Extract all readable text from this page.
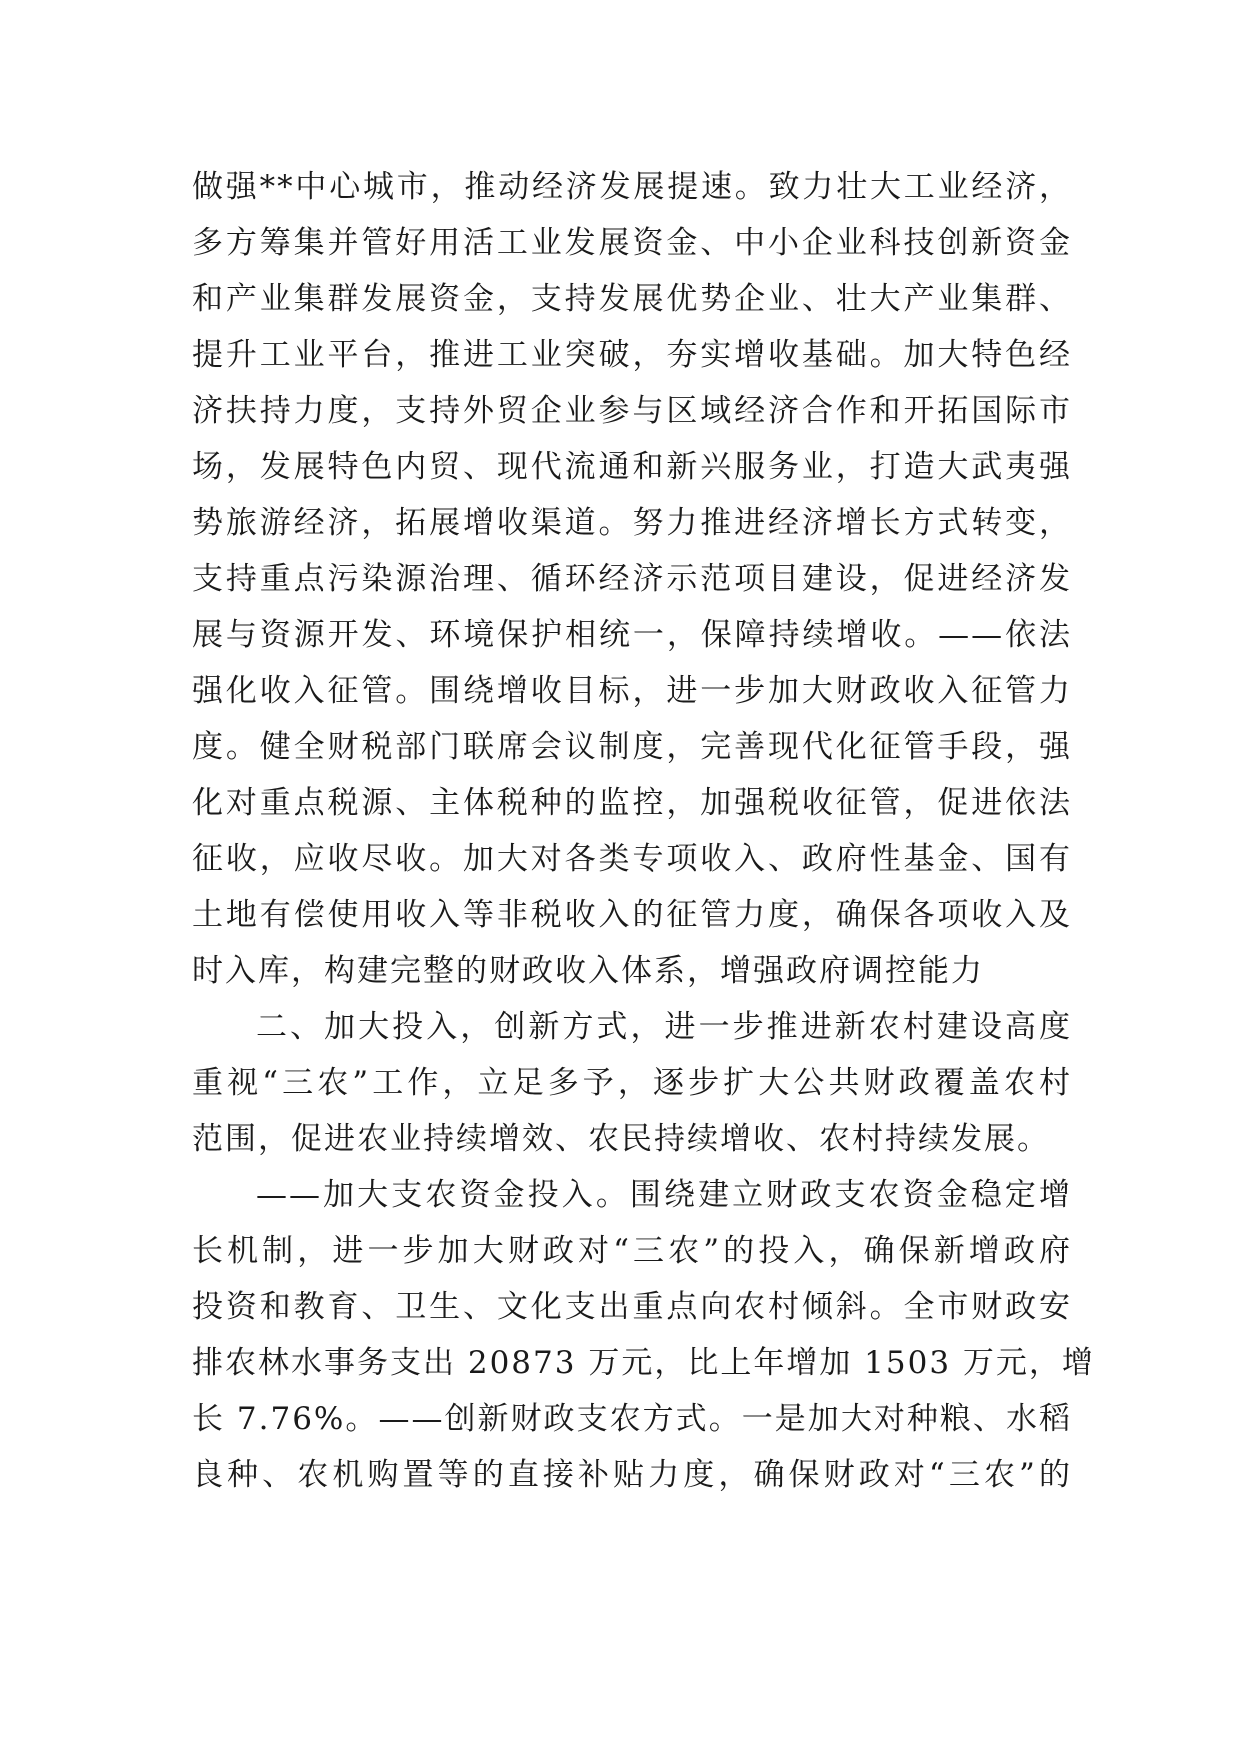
做强**中心城市，推动经济发展提速。致力壮大工业经济，
多方筹集并管好用活工业发展资金、中小企业科技创新资金
和产业集群发展资金，支持发展优势企业、壮大产业集群、
提升工业平台，推进工业突破，夯实增收基础。加大特色经
济扶持力度，支持外贸企业参与区域经济合作和开拓国际市
场，发展特色内贸、现代流通和新兴服务业，打造大武夷强
势旅游经济，拓展增收渠道。努力推进经济增长方式转变，
支持重点污染源治理、循环经济示范项目建设，促进经济发
展与资源开发、环境保护相统一，保障持续增收。——依法
强化收入征管。围绕增收目标，进一步加大财政收入征管力
度。健全财税部门联席会议制度，完善现代化征管手段，强
化对重点税源、主体税种的监控，加强税收征管，促进依法
征收，应收尽收。加大对各类专项收入、政府性基金、国有
土地有偿使用收入等非税收入的征管力度，确保各项收入及
时入库，构建完整的财政收入体系，增强政府调控能力
二、加大投入，创新方式，进一步推进新农村建设高度
重视“三农”工作，立足多予，逐步扩大公共财政覆盖农村
范围，促进农业持续增效、农民持续增收、农村持续发展。
——加大支农资金投入。围绕建立财政支农资金稳定增
长机制，进一步加大财政对“三农”的投入，确保新增政府
投资和教育、卫生、文化支出重点向农村倾斜。全市财政安
排农林水事务支出 20873 万元，比上年增加 1503 万元，增
长 7.76%。——创新财政支农方式。一是加大对种粮、水稻
良种、农机购置等的直接补贴力度，确保财政对“三农”的
